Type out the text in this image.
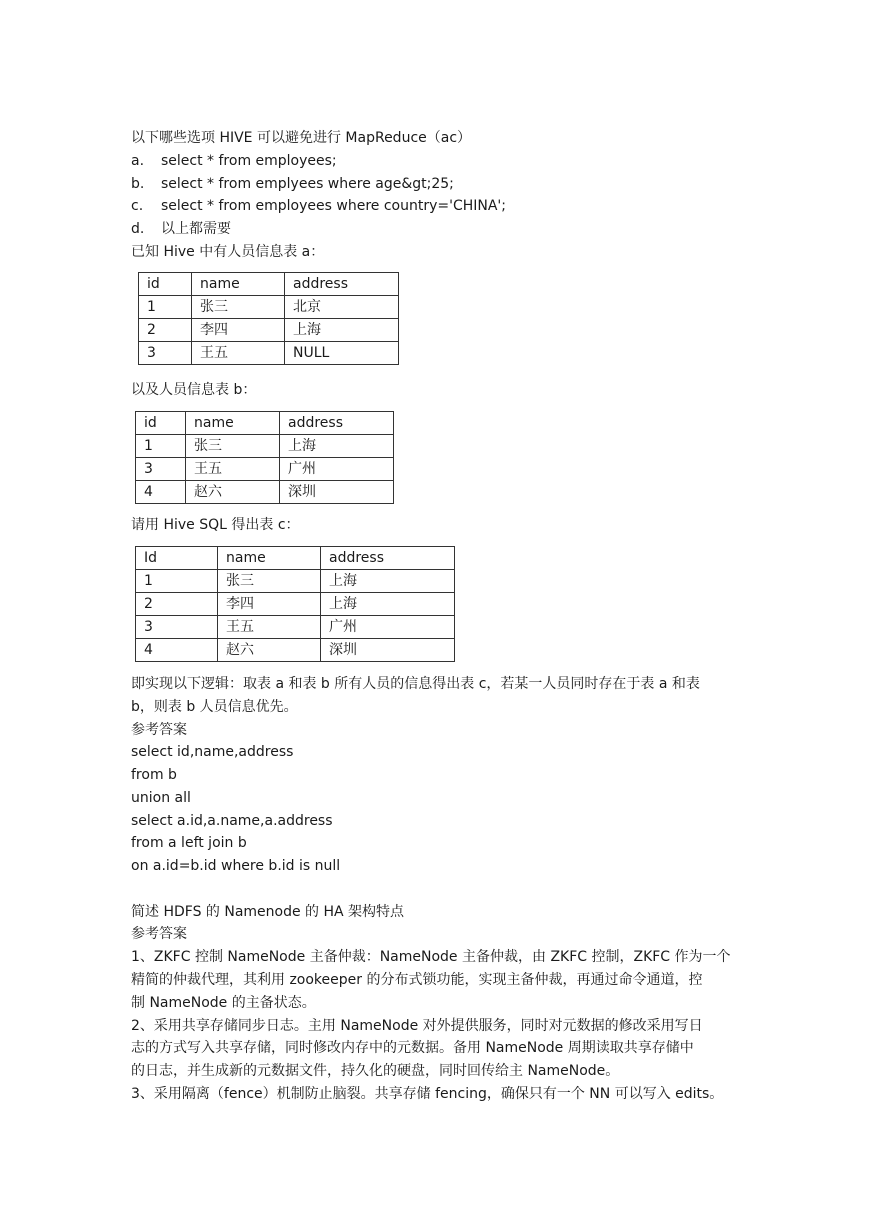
以下哪些选项 HIVE 可以避免进行 MapReduce（ac）
a. select * from employees;
b. select * from emplyees where age&gt;25;
c. select * from employees where country='CHINA';
d. 以上都需要
已知 Hive 中有人员信息表 a：
id	name	address
1	张三	北京
2	李四	上海
3	王五	NULL
以及人员信息表 b：
id	name	address
1	张三	上海
3	王五	广州
4	赵六	深圳
请用 Hive SQL 得出表 c：
Id	name	address
1	张三	上海
2	李四	上海
3	王五	广州
4	赵六	深圳
即实现以下逻辑：取表 a 和表 b 所有人员的信息得出表 c，若某一人员同时存在于表 a 和表
b，则表 b 人员信息优先。
参考答案
select id,name,address
from b
union all
select a.id,a.name,a.address
from a left join b
on a.id=b.id where b.id is null
简述 HDFS 的 Namenode 的 HA 架构特点
参考答案
1、ZKFC 控制 NameNode 主备仲裁：NameNode 主备仲裁，由 ZKFC 控制，ZKFC 作为一个
精简的仲裁代理，其利用 zookeeper 的分布式锁功能，实现主备仲裁，再通过命令通道，控
制 NameNode 的主备状态。
2、采用共享存储同步日志。主用 NameNode 对外提供服务，同时对元数据的修改采用写日
志的方式写入共享存储，同时修改内存中的元数据。备用 NameNode 周期读取共享存储中
的日志，并生成新的元数据文件，持久化的硬盘，同时回传给主 NameNode。
3、采用隔离（fence）机制防止脑裂。共享存储 fencing，确保只有一个 NN 可以写入 edits。
